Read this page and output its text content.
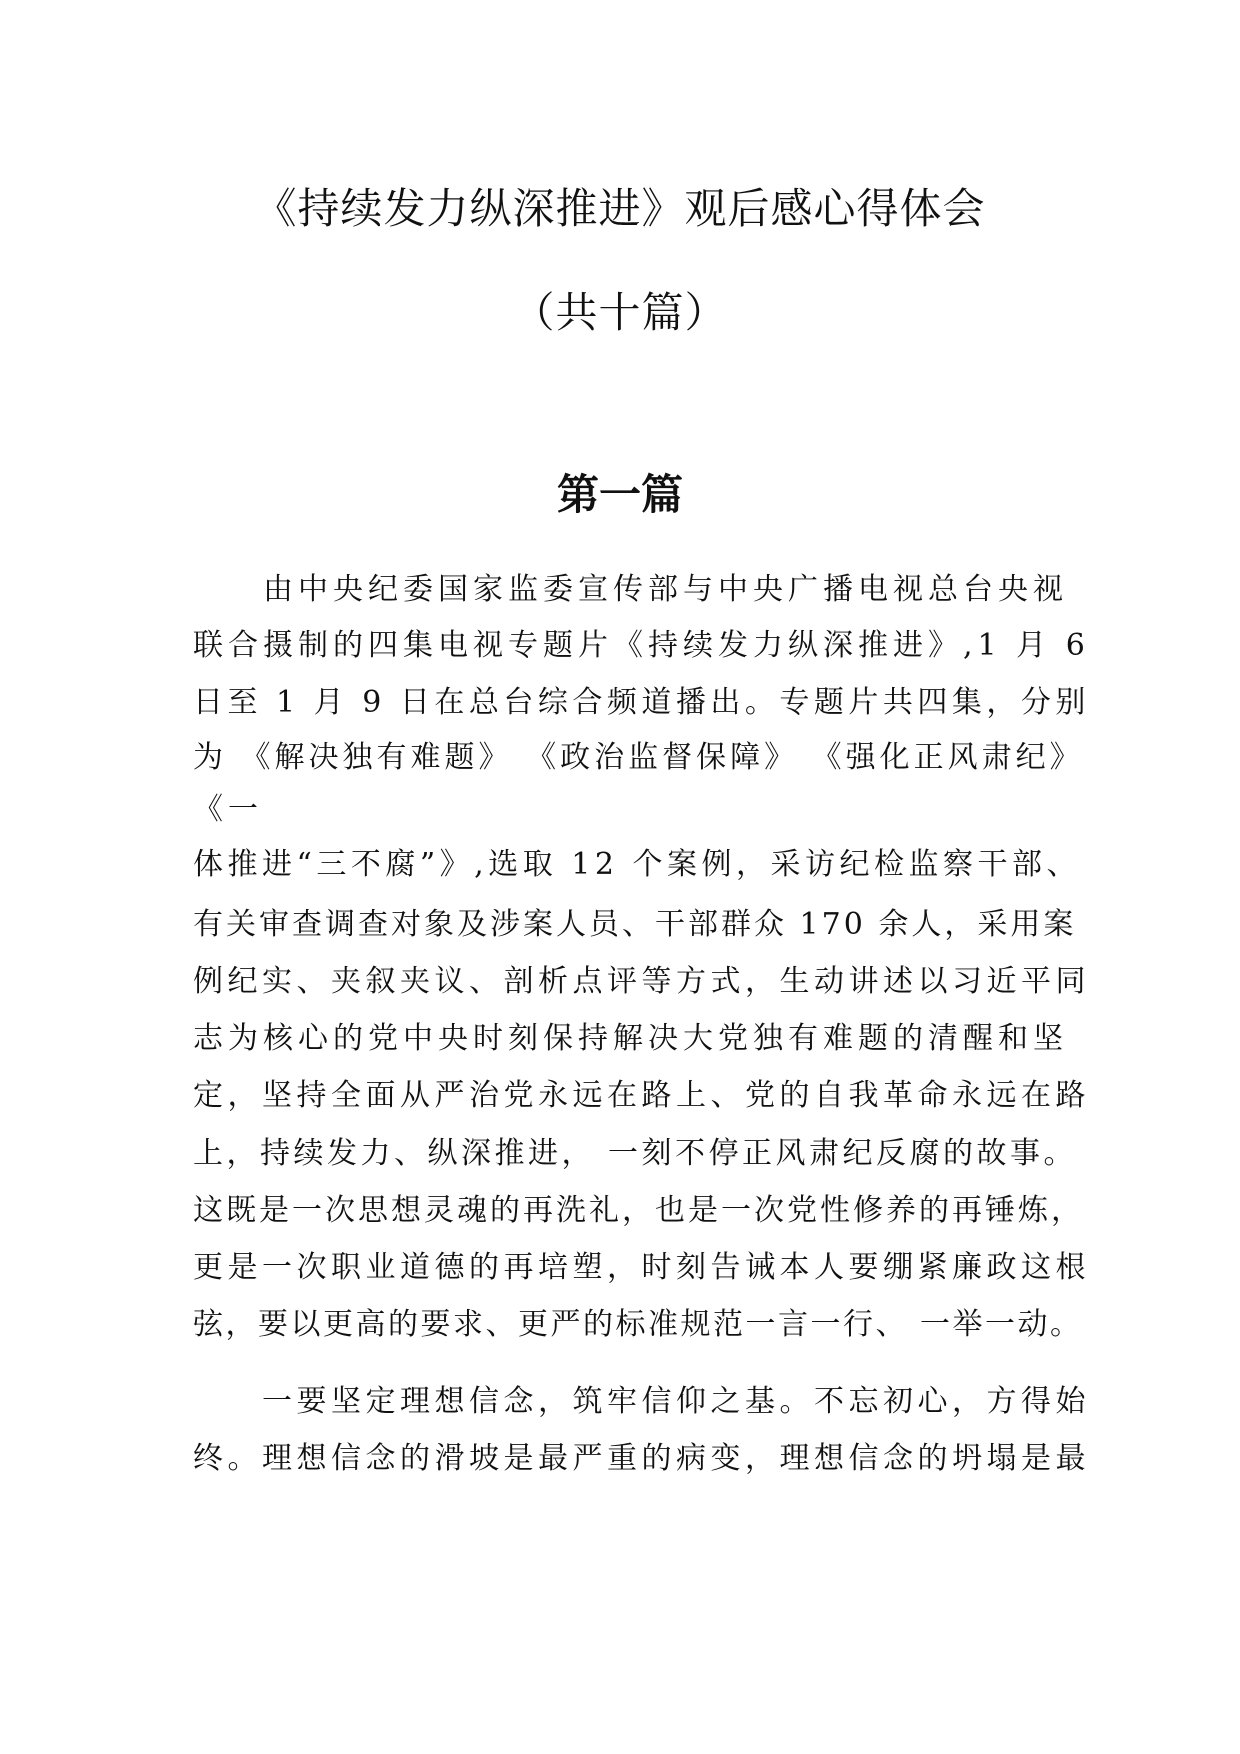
《持续发力纵深推进》观后感心得体会
（共十篇）
第一篇
　　由中央纪委国家监委宣传部与中央广播电视总台央视
联合摄制的四集电视专题片《持续发力纵深推进》,1 月 6
日至 1 月 9 日在总台综合频道播出。专题片共四集，分别
为 《解决独有难题》 《政治监督保障》 《强化正风肃纪》
《一
体推进“三不腐”》,选取 12 个案例，采访纪检监察干部、
有关审查调查对象及涉案人员、干部群众 170 余人，采用案
例纪实、夹叙夹议、剖析点评等方式，生动讲述以习近平同
志为核心的党中央时刻保持解决大党独有难题的清醒和坚
定，坚持全面从严治党永远在路上、党的自我革命永远在路
上，持续发力、纵深推进， 一刻不停正风肃纪反腐的故事。
这既是一次思想灵魂的再洗礼，也是一次党性修养的再锤炼，
更是一次职业道德的再培塑，时刻告诫本人要绷紧廉政这根
弦，要以更高的要求、更严的标准规范一言一行、 一举一动。
　　一要坚定理想信念，筑牢信仰之基。不忘初心，方得始
终。理想信念的滑坡是最严重的病变，理想信念的坍塌是最
